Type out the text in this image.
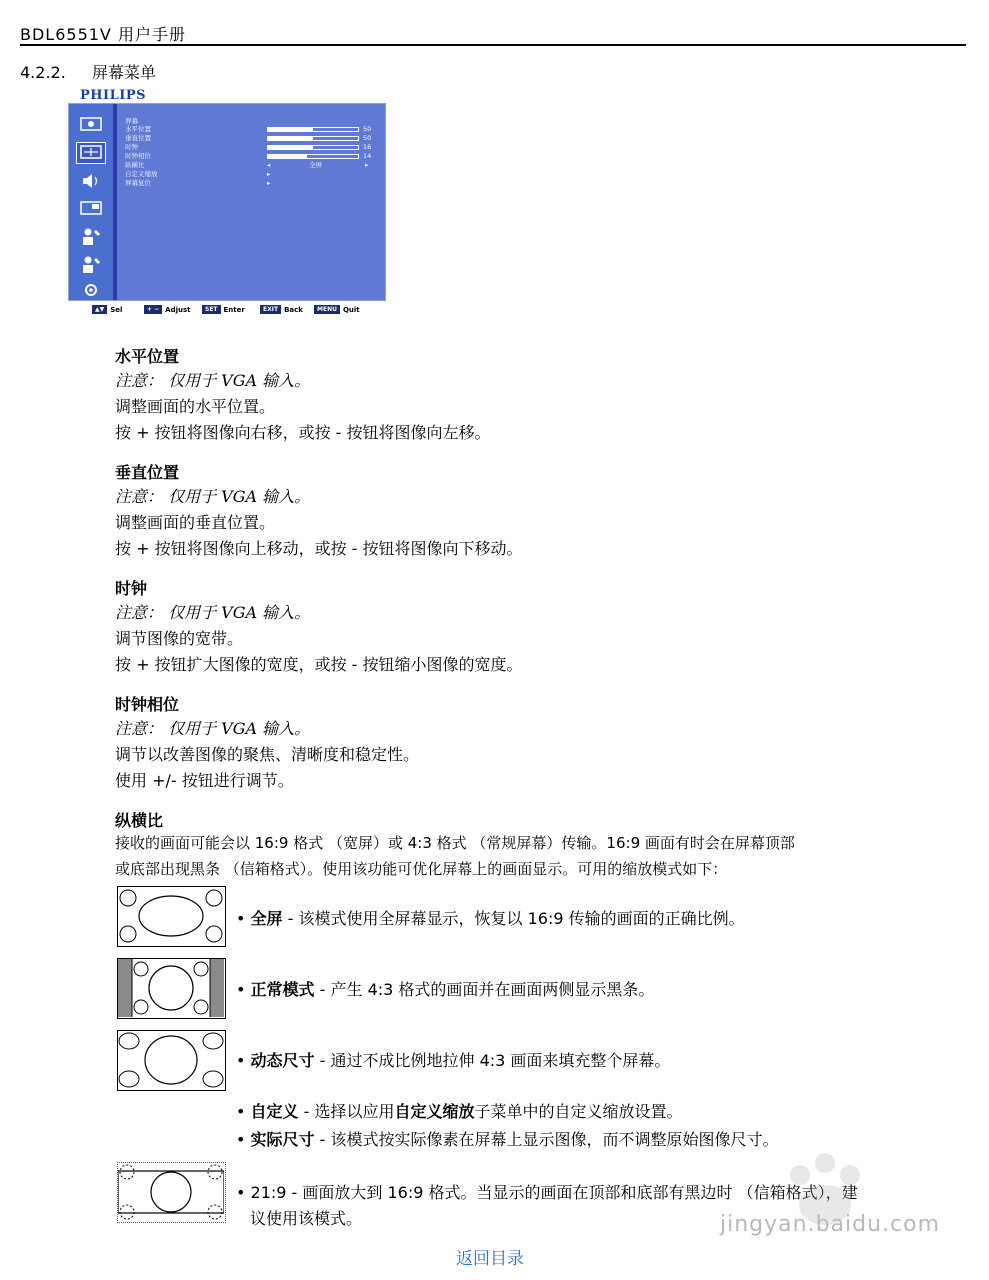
BDL6551V 用户手册
4.2.2. 屏幕菜单
PHILIPS
屏幕
水平位置	50
垂直位置	50
时钟	16
时钟相位	14
纵横比	◂	全屏	▸
自定义缩放	▸
屏幕复位	▸
▲▼ Sel	+ − Adjust	SET Enter	EXIT Back	MENU Quit
水平位置
注意： 仅用于 VGA 输入。
调整画面的水平位置。
按 + 按钮将图像向右移，或按 - 按钮将图像向左移。
垂直位置
注意： 仅用于 VGA 输入。
调整画面的垂直位置。
按 + 按钮将图像向上移动，或按 - 按钮将图像向下移动。
时钟
注意： 仅用于 VGA 输入。
调节图像的宽带。
按 + 按钮扩大图像的宽度，或按 - 按钮缩小图像的宽度。
时钟相位
注意： 仅用于 VGA 输入。
调节以改善图像的聚焦、清晰度和稳定性。
使用 +/- 按钮进行调节。
纵横比
接收的画面可能会以 16:9 格式 （宽屏）或 4:3 格式 （常规屏幕）传输。16:9 画面有时会在屏幕顶部
或底部出现黑条 （信箱格式）。使用该功能可优化屏幕上的画面显示。可用的缩放模式如下：
• 全屏 - 该模式使用全屏幕显示，恢复以 16:9 传输的画面的正确比例。
• 正常模式 - 产生 4:3 格式的画面并在画面两侧显示黑条。
• 动态尺寸 - 通过不成比例地拉伸 4:3 画面来填充整个屏幕。
• 自定义 - 选择以应用自定义缩放子菜单中的自定义缩放设置。
• 实际尺寸 - 该模式按实际像素在屏幕上显示图像，而不调整原始图像尺寸。
• 21:9 - 画面放大到 16:9 格式。当显示的画面在顶部和底部有黑边时 （信箱格式），建
议使用该模式。	jingyan.baidu.com
返回目录
